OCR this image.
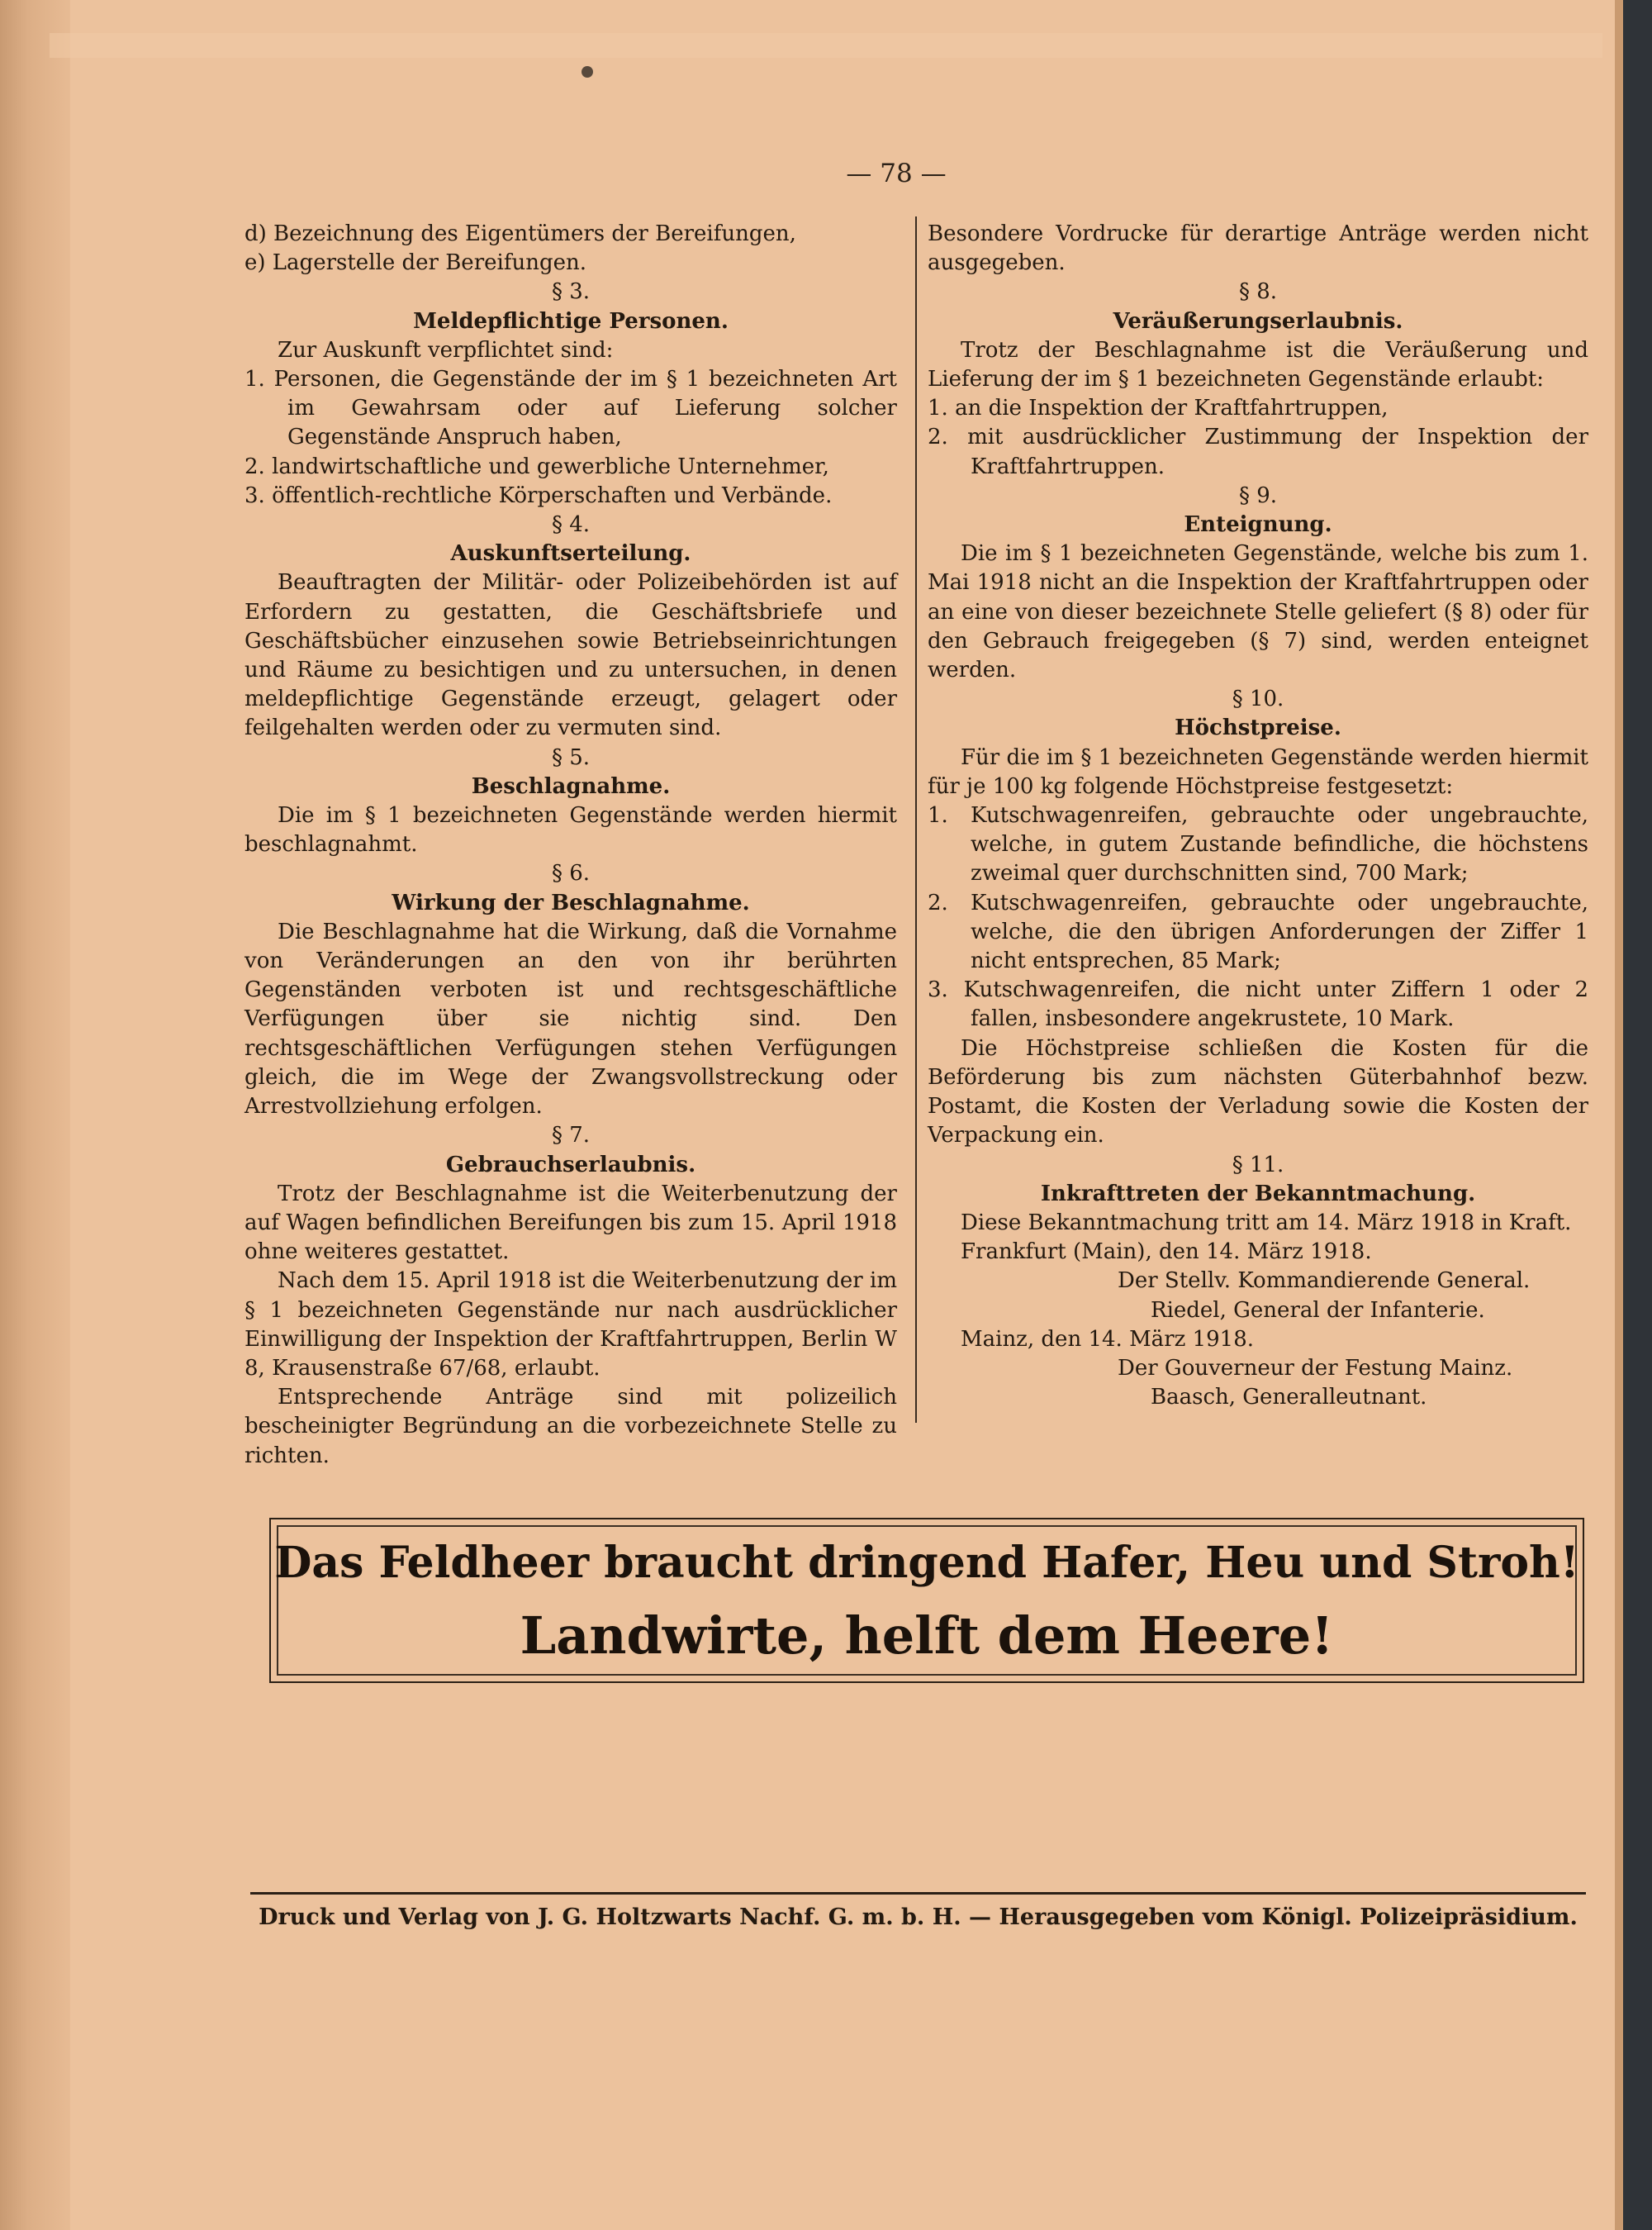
— 78 —
d) Bezeichnung des Eigentümers der Bereifungen,
e) Lagerstelle der Bereifungen.
§ 3.
Meldepflichtige Personen.
Zur Auskunft verpflichtet sind:
1. Personen, die Gegenstände der im § 1 bezeichneten Art im Gewahrsam oder auf Lieferung solcher Gegenstände Anspruch haben,
2. landwirtschaftliche und gewerbliche Unternehmer,
3. öffentlich-rechtliche Körperschaften und Verbände.
§ 4.
Auskunftserteilung.
Beauftragten der Militär- oder Polizeibehörden ist auf Erfordern zu gestatten, die Geschäftsbriefe und Geschäftsbücher einzusehen sowie Betriebseinrichtungen und Räume zu besichtigen und zu untersuchen, in denen meldepflichtige Gegenstände erzeugt, gelagert oder feilgehalten werden oder zu vermuten sind.
§ 5.
Beschlagnahme.
Die im § 1 bezeichneten Gegenstände werden hiermit beschlagnahmt.
§ 6.
Wirkung der Beschlagnahme.
Die Beschlagnahme hat die Wirkung, daß die Vornahme von Veränderungen an den von ihr berührten Gegenständen verboten ist und rechtsgeschäftliche Verfügungen über sie nichtig sind. Den rechtsgeschäftlichen Verfügungen stehen Verfügungen gleich, die im Wege der Zwangsvollstreckung oder Arrestvollziehung erfolgen.
§ 7.
Gebrauchserlaubnis.
Trotz der Beschlagnahme ist die Weiterbenutzung der auf Wagen befindlichen Bereifungen bis zum 15. April 1918 ohne weiteres gestattet.
Nach dem 15. April 1918 ist die Weiterbenutzung der im § 1 bezeichneten Gegenstände nur nach ausdrücklicher Einwilligung der Inspektion der Kraftfahrtruppen, Berlin W 8, Krausenstraße 67/68, erlaubt.
Entsprechende Anträge sind mit polizeilich bescheinigter Begründung an die vorbezeichnete Stelle zu richten.
Besondere Vordrucke für derartige Anträge werden nicht ausgegeben.
§ 8.
Veräußerungserlaubnis.
Trotz der Beschlagnahme ist die Veräußerung und Lieferung der im § 1 bezeichneten Gegenstände erlaubt:
1. an die Inspektion der Kraftfahrtruppen,
2. mit ausdrücklicher Zustimmung der Inspektion der Kraftfahrtruppen.
§ 9.
Enteignung.
Die im § 1 bezeichneten Gegenstände, welche bis zum 1. Mai 1918 nicht an die Inspektion der Kraftfahrtruppen oder an eine von dieser bezeichnete Stelle geliefert (§ 8) oder für den Gebrauch freigegeben (§ 7) sind, werden enteignet werden.
§ 10.
Höchstpreise.
Für die im § 1 bezeichneten Gegenstände werden hiermit für je 100 kg folgende Höchstpreise festgesetzt:
1. Kutschwagenreifen, gebrauchte oder ungebrauchte, welche, in gutem Zustande befindliche, die höchstens zweimal quer durchschnitten sind, 700 Mark;
2. Kutschwagenreifen, gebrauchte oder ungebrauchte, welche, die den übrigen Anforderungen der Ziffer 1 nicht entsprechen, 85 Mark;
3. Kutschwagenreifen, die nicht unter Ziffern 1 oder 2 fallen, insbesondere angekrustete, 10 Mark.
Die Höchstpreise schließen die Kosten für die Beförderung bis zum nächsten Güterbahnhof bezw. Postamt, die Kosten der Verladung sowie die Kosten der Verpackung ein.
§ 11.
Inkrafttreten der Bekanntmachung.
Diese Bekanntmachung tritt am 14. März 1918 in Kraft.
Frankfurt (Main), den 14. März 1918.
Der Stellv. Kommandierende General.
Riedel, General der Infanterie.
Mainz, den 14. März 1918.
Der Gouverneur der Festung Mainz.
Baasch, Generalleutnant.
Das Feldheer braucht dringend Hafer, Heu und Stroh!
Landwirte, helft dem Heere!
Druck und Verlag von J. G. Holtzwarts Nachf. G. m. b. H. — Herausgegeben vom Königl. Polizeipräsidium.
